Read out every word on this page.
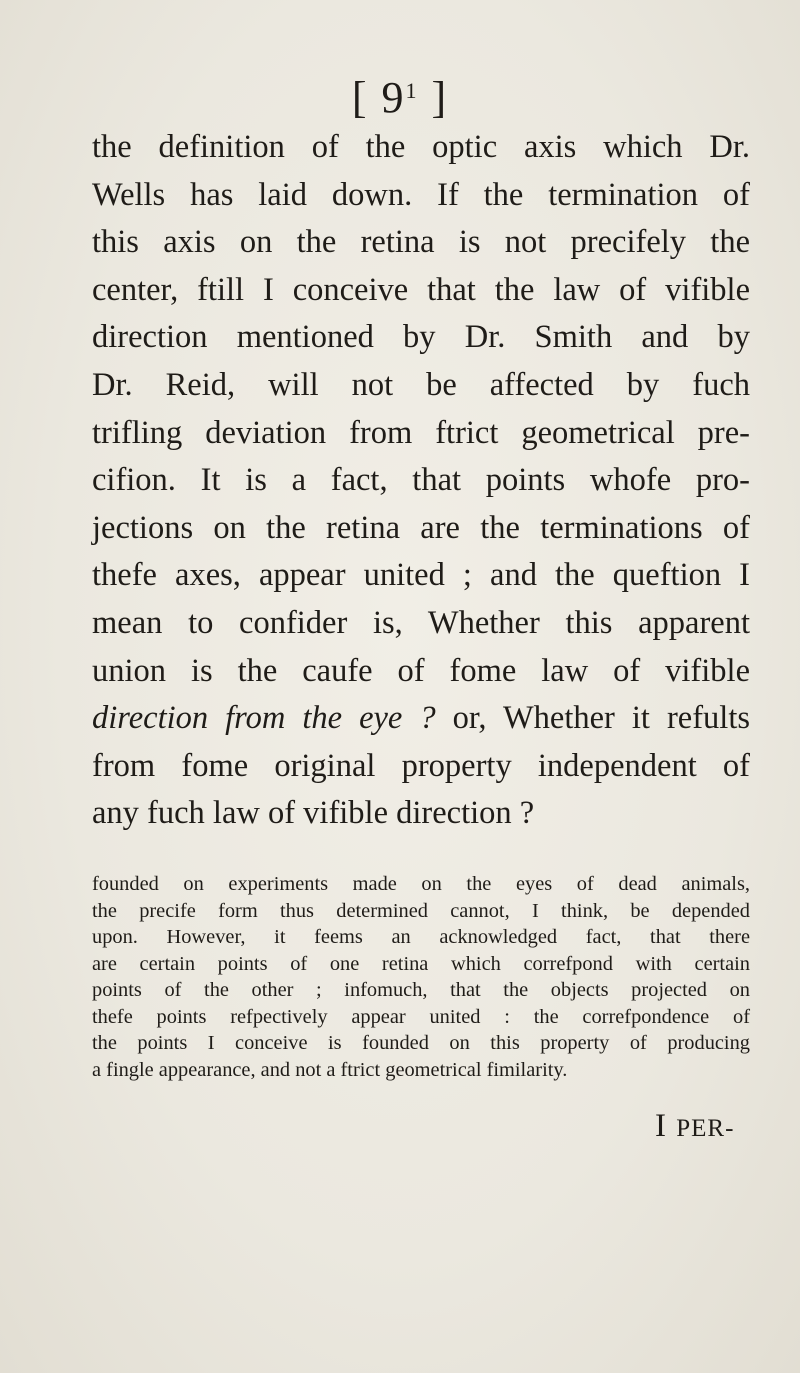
[ $9^1$ ]
the definition of the optic axis which Dr.
Wells has laid down. If the termination of
this axis on the retina is not precifely the
center, ftill I conceive that the law of vifible
direction mentioned by Dr. Smith and by
Dr. Reid, will not be affected by fuch
trifling deviation from ftrict geometrical pre-
cifion. It is a fact, that points whofe pro-
jections on the retina are the terminations of
thefe axes, appear united ; and the queftion I
mean to confider is, Whether this apparent
union is the caufe of fome law of vifible
direction from the eye ? or, Whether it refults
from fome original property independent of
any fuch law of vifible direction ?
founded on experiments made on the eyes of dead animals,
the precife form thus determined cannot, I think, be depended
upon. However, it feems an acknowledged fact, that there
are certain points of one retina which correfpond with certain
points of the other ; infomuch, that the objects projected on
thefe points refpectively appear united : the correfpondence of
the points I conceive is founded on this property of producing
a fingle appearance, and not a ftrict geometrical fimilarity.
I PER-
